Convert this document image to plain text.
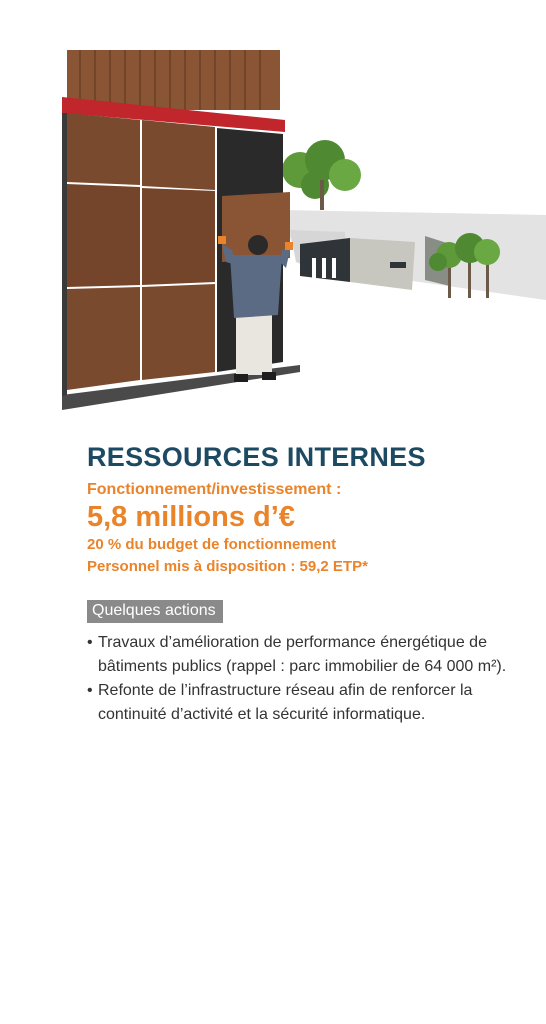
RESSOURCES INTERNES
Fonctionnement/investissement :
5,8 millions d’€
20 % du budget de fonctionnement
Personnel mis à disposition : 59,2 ETP*
Quelques actions
• Travaux d’amélioration de performance énergétique de bâtiments publics (rappel : parc immobilier de 64 000 m²).
• Refonte de l’infrastructure réseau afin de renforcer la continuité d’activité et la sécurité informatique.
